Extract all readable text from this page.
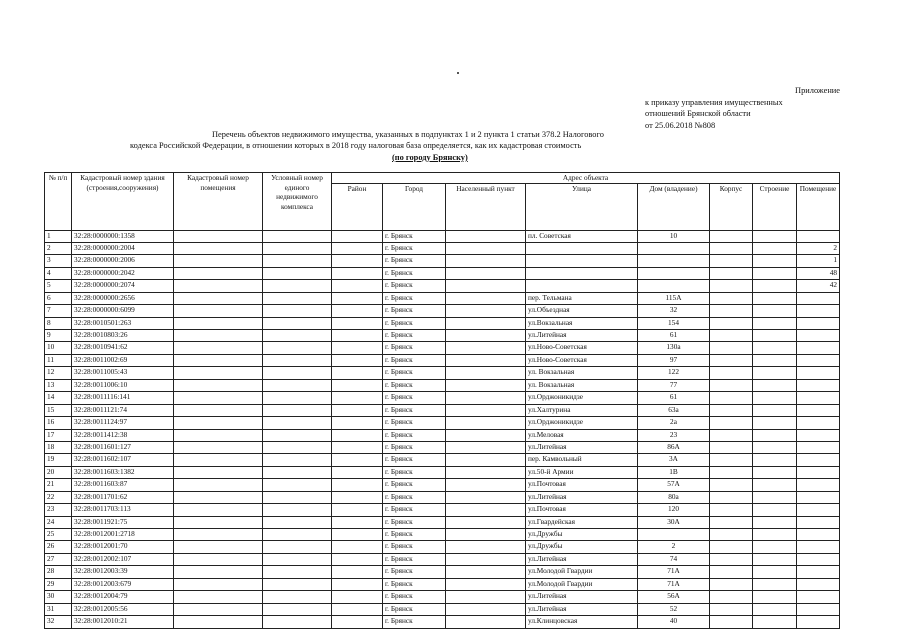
Приложение
к приказу управления имущественных
отношений Брянской области
от 25.06.2018 №808
Перечень объектов недвижимого имущества, указанных в подпунктах 1 и 2 пункта 1 статьи 378.2 Налогового
кодекса Российской Федерации, в отношении которых в 2018 году налоговая база определяется, как их кадастровая стоимость
(по городу Брянску)
№ п/п	Кадастровый номер здания (строения,сооружения)	Кадастровый номер помещения	Условный номер единого недвижимого комплекса	Адрес объекта							
				Район	Город	Населенный пункт	Улица	Дом (владение)	Корпус	Строение	Помещение
1	32:28:0000000:1358				г. Брянск		пл. Советская	10			
2	32:28:0000000:2004				г. Брянск						2
3	32:28:0000000:2006				г. Брянск						1
4	32:28:0000000:2042				г. Брянск						48
5	32:28:0000000:2074				г. Брянск						42
6	32:28:0000000:2656				г. Брянск		пер. Тельмана	115А			
7	32:28:0000000:6099				г. Брянск		ул.Объездная	32			
8	32:28:0010501:263				г. Брянск		ул.Вокзальная	154			
9	32:28:0010803:26				г. Брянск		ул.Литейная	61			
10	32:28:0010941:62				г. Брянск		ул.Ново-Советская	130а			
11	32:28:0011002:69				г. Брянск		ул.Ново-Советская	97			
12	32:28:0011005:43				г. Брянск		ул. Вокзальная	122			
13	32:28:0011006:10				г. Брянск		ул. Вокзальная	77			
14	32:28:0011116:141				г. Брянск		ул.Орджоникидзе	61			
15	32:28:0011121:74				г. Брянск		ул.Халтурина	63а			
16	32:28:0011124:97				г. Брянск		ул.Орджоникидзе	2а			
17	32:28:0011412:38				г. Брянск		ул.Меловая	23			
18	32:28:0011601:127				г. Брянск		ул.Литейная	86А			
19	32:28:0011602:107				г. Брянск		пер. Камвольный	3А			
20	32:28:0011603:1382				г. Брянск		ул.50-й Армии	1В			
21	32:28:0011603:87				г. Брянск		ул.Почтовая	57А			
22	32:28:0011701:62				г. Брянск		ул.Литейная	80а			
23	32:28:0011703:113				г. Брянск		ул.Почтовая	120			
24	32:28:0011921:75				г. Брянск		ул.Гвардейская	30А			
25	32:28:0012001:2718				г. Брянск		ул.Дружбы				
26	32:28:0012001:70				г. Брянск		ул.Дружбы	2			
27	32:28:0012002:107				г. Брянск		ул.Литейная	74			
28	32:28:0012003:39				г. Брянск		ул.Молодой Гвардии	71А			
29	32:28:0012003:679				г. Брянск		ул.Молодой Гвардии	71А			
30	32:28:0012004:79				г. Брянск		ул.Литейная	56А			
31	32:28:0012005:56				г. Брянск		ул.Литейная	52			
32	32:28:0012010:21				г. Брянск		ул.Клинцовская	40			
